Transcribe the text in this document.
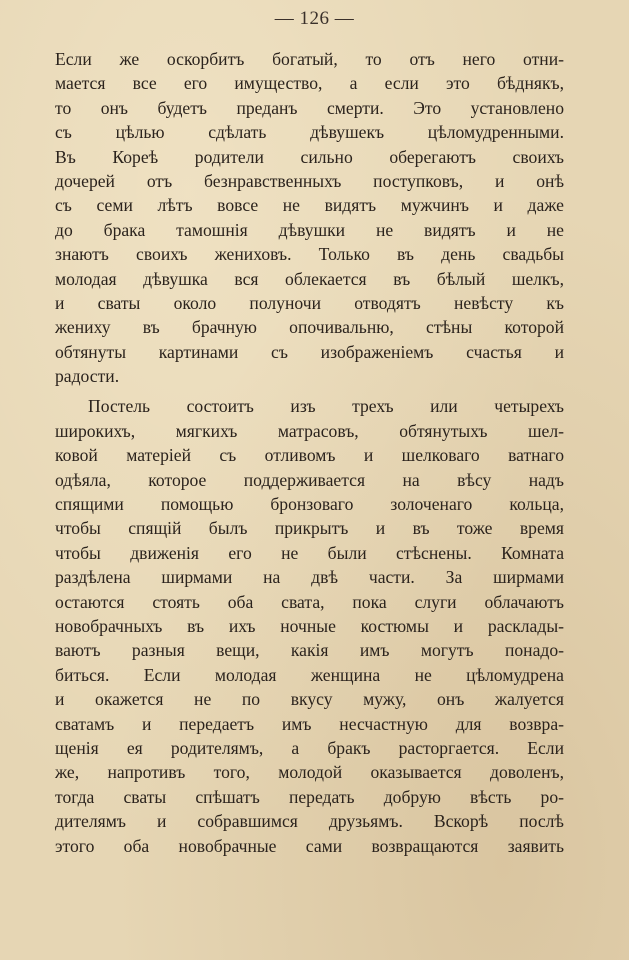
— 126 —
Если же оскорбитъ богатый, то отъ него отни-
мается все его имущество, а если это бѣднякъ,
то онъ будетъ преданъ смерти. Это установлено
съ цѣлью сдѣлать дѣвушекъ цѣломудренными.
Въ Кореѣ родители сильно оберегаютъ своихъ
дочерей отъ безнравственныхъ поступковъ, и онѣ
съ семи лѣтъ вовсе не видятъ мужчинъ и даже
до брака тамошнія дѣвушки не видятъ и не
знаютъ своихъ жениховъ. Только въ день свадьбы
молодая дѣвушка вся облекается въ бѣлый шелкъ,
и сваты около полуночи отводятъ невѣсту къ
жениху въ брачную опочивальню, стѣны которой
обтянуты картинами съ изображеніемъ счастья и
радости.
Постель состоитъ изъ трехъ или четырехъ
широкихъ, мягкихъ матрасовъ, обтянутыхъ шел-
ковой матеріей съ отливомъ и шелковаго ватнаго
одѣяла, которое поддерживается на вѣсу надъ
спящими помощью бронзоваго золоченаго кольца,
чтобы спящій былъ прикрытъ и въ тоже время
чтобы движенія его не были стѣснены. Комната
раздѣлена ширмами на двѣ части. За ширмами
остаются стоять оба свата, пока слуги облачаютъ
новобрачныхъ въ ихъ ночные костюмы и расклады-
ваютъ разныя вещи, какія имъ могутъ понадо-
биться. Если молодая женщина не цѣломудрена
и окажется не по вкусу мужу, онъ жалуется
сватамъ и передаетъ имъ несчастную для возвра-
щенія ея родителямъ, а бракъ расторгается. Если
же, напротивъ того, молодой оказывается доволенъ,
тогда сваты спѣшатъ передать добрую вѣсть ро-
дителямъ и собравшимся друзьямъ. Вскорѣ послѣ
этого оба новобрачные сами возвращаются заявить
